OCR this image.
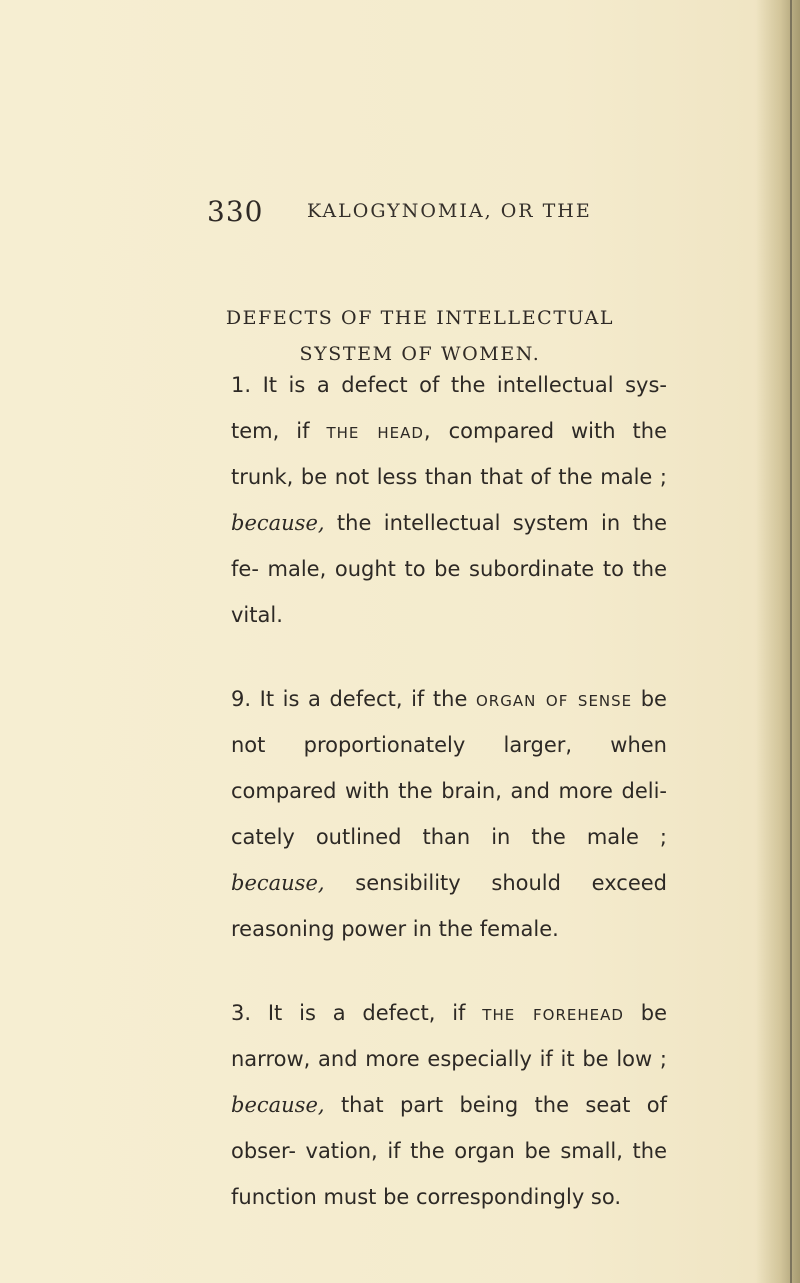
330 KALOGYNOMIA, OR THE
DEFECTS OF THE INTELLECTUAL
SYSTEM OF WOMEN.

1. It is a defect of the intellectual sys- tem, if the head, compared with the trunk, be not less than that of the male ; because, the intellectual system in the fe- male, ought to be subordinate to the vital.

9. It is a defect, if the organ of sense be not proportionately larger, when compared with the brain, and more deli- cately outlined than in the male ; because, sensibility should exceed reasoning power in the female.

3. It is a defect, if the forehead be narrow, and more especially if it be low ; because, that part being the seat of obser- vation, if the organ be small, the function must be correspondingly so.
